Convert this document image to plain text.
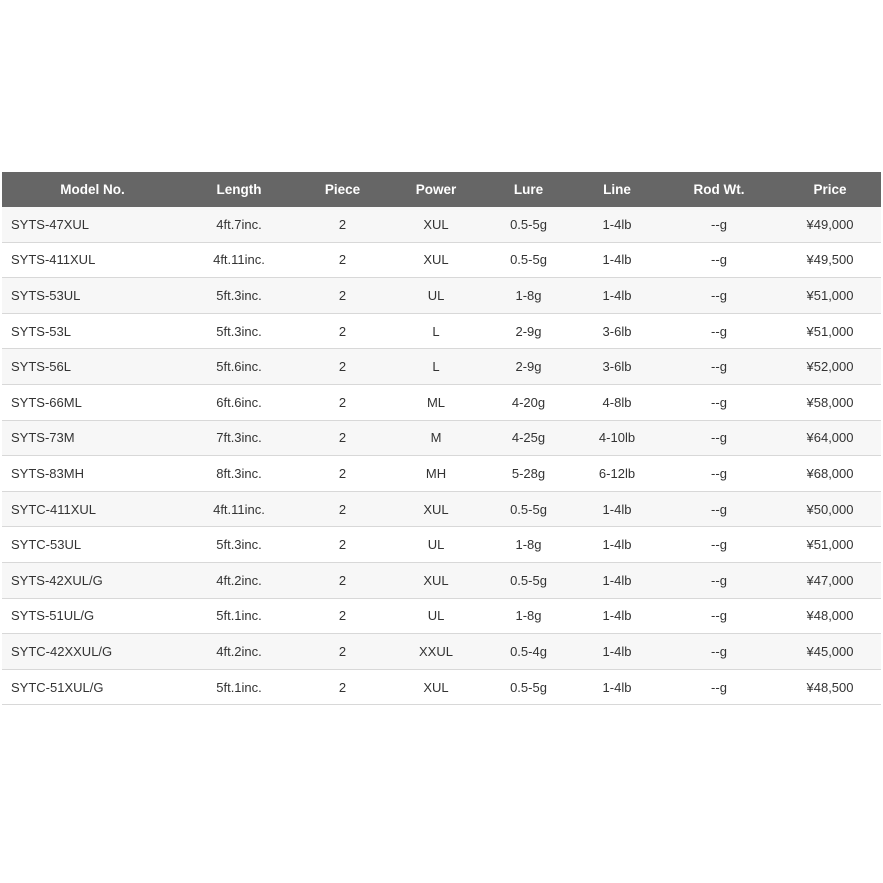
Model No.	Length	Piece	Power	Lure	Line	Rod Wt.	Price
SYTS-47XUL	4ft.7inc.	2	XUL	0.5-5g	1-4lb	--g	¥49,000
SYTS-411XUL	4ft.11inc.	2	XUL	0.5-5g	1-4lb	--g	¥49,500
SYTS-53UL	5ft.3inc.	2	UL	1-8g	1-4lb	--g	¥51,000
SYTS-53L	5ft.3inc.	2	L	2-9g	3-6lb	--g	¥51,000
SYTS-56L	5ft.6inc.	2	L	2-9g	3-6lb	--g	¥52,000
SYTS-66ML	6ft.6inc.	2	ML	4-20g	4-8lb	--g	¥58,000
SYTS-73M	7ft.3inc.	2	M	4-25g	4-10lb	--g	¥64,000
SYTS-83MH	8ft.3inc.	2	MH	5-28g	6-12lb	--g	¥68,000
SYTC-411XUL	4ft.11inc.	2	XUL	0.5-5g	1-4lb	--g	¥50,000
SYTC-53UL	5ft.3inc.	2	UL	1-8g	1-4lb	--g	¥51,000
SYTS-42XUL/G	4ft.2inc.	2	XUL	0.5-5g	1-4lb	--g	¥47,000
SYTS-51UL/G	5ft.1inc.	2	UL	1-8g	1-4lb	--g	¥48,000
SYTC-42XXUL/G	4ft.2inc.	2	XXUL	0.5-4g	1-4lb	--g	¥45,000
SYTC-51XUL/G	5ft.1inc.	2	XUL	0.5-5g	1-4lb	--g	¥48,500
